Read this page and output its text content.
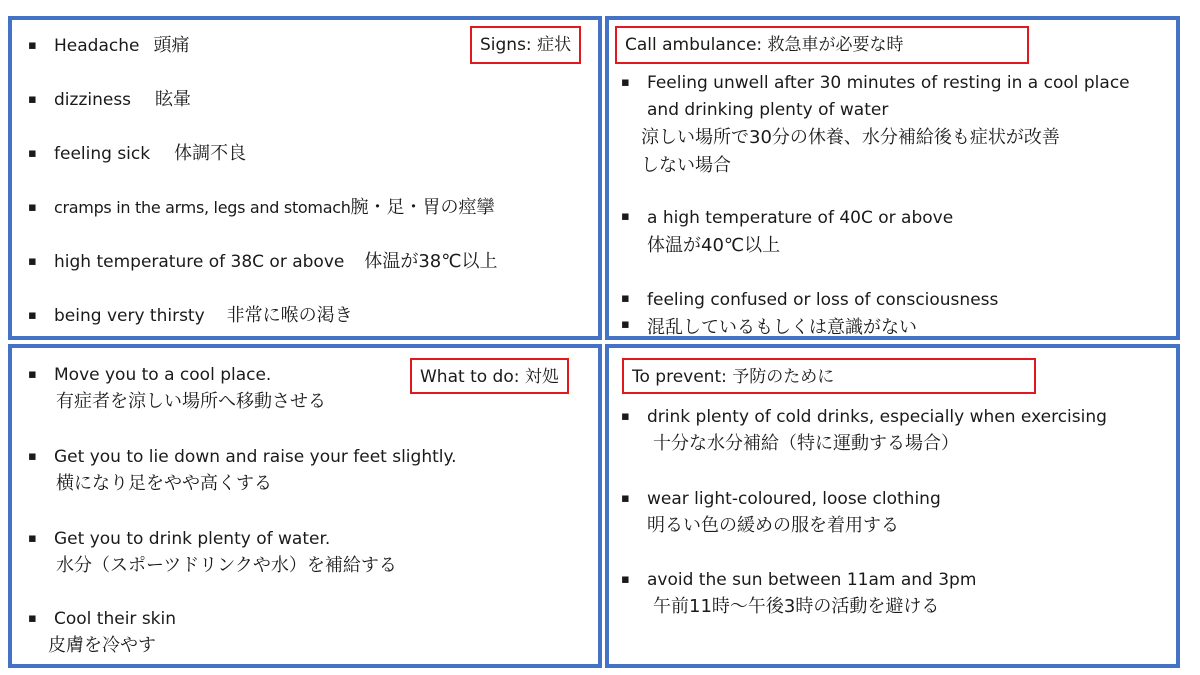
Signs: 症状
▪ Headache 頭痛
▪ dizziness 眩暈
▪ feeling sick 体調不良
▪ cramps in the arms, legs and stomach腕・足・胃の痙攣
▪ high temperature of 38C or above 体温が38℃以上
▪ being very thirsty 非常に喉の渇き
Call ambulance: 救急車が必要な時
▪ Feeling unwell after 30 minutes of resting in a cool place
and drinking plenty of water
涼しい場所で30分の休養、水分補給後も症状が改善
しない場合
▪ a high temperature of 40C or above
体温が40℃以上
▪ feeling confused or loss of consciousness
混乱しているもしくは意識がない
▪
What to do: 対処
▪ Move you to a cool place.
有症者を涼しい場所へ移動させる
▪ Get you to lie down and raise your feet slightly.
横になり足をやや高くする
▪ Get you to drink plenty of water.
水分（スポーツドリンクや水）を補給する
▪ Cool their skin
皮膚を冷やす
To prevent: 予防のために
▪ drink plenty of cold drinks, especially when exercising
十分な水分補給（特に運動する場合）
▪ wear light-coloured, loose clothing
明るい色の緩めの服を着用する
▪ avoid the sun between 11am and 3pm
午前11時～午後3時の活動を避ける
